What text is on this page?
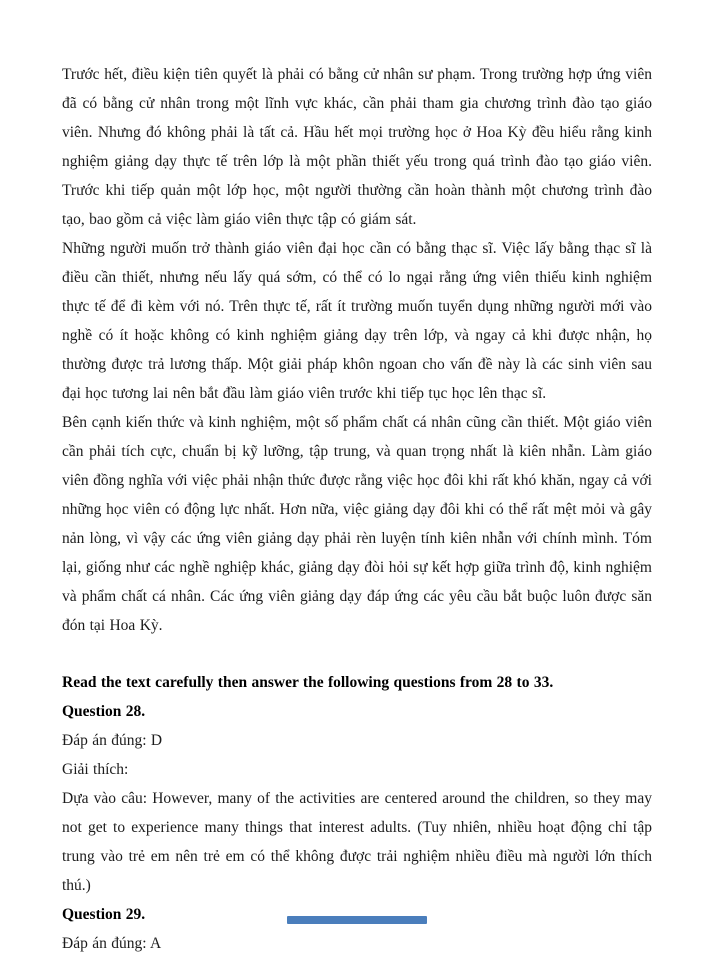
Trước hết, điều kiện tiên quyết là phải có bằng cử nhân sư phạm. Trong trường hợp ứng viên đã có bằng cử nhân trong một lĩnh vực khác, cần phải tham gia chương trình đào tạo giáo viên. Nhưng đó không phải là tất cả. Hầu hết mọi trường học ở Hoa Kỳ đều hiểu rằng kinh nghiệm giảng dạy thực tế trên lớp là một phần thiết yếu trong quá trình đào tạo giáo viên. Trước khi tiếp quản một lớp học, một người thường cần hoàn thành một chương trình đào tạo, bao gồm cả việc làm giáo viên thực tập có giám sát.

Những người muốn trở thành giáo viên đại học cần có bằng thạc sĩ. Việc lấy bằng thạc sĩ là điều cần thiết, nhưng nếu lấy quá sớm, có thể có lo ngại rằng ứng viên thiếu kinh nghiệm thực tế để đi kèm với nó. Trên thực tế, rất ít trường muốn tuyển dụng những người mới vào nghề có ít hoặc không có kinh nghiệm giảng dạy trên lớp, và ngay cả khi được nhận, họ thường được trả lương thấp. Một giải pháp khôn ngoan cho vấn đề này là các sinh viên sau đại học tương lai nên bắt đầu làm giáo viên trước khi tiếp tục học lên thạc sĩ.

Bên cạnh kiến thức và kinh nghiệm, một số phẩm chất cá nhân cũng cần thiết. Một giáo viên cần phải tích cực, chuẩn bị kỹ lưỡng, tập trung, và quan trọng nhất là kiên nhẫn. Làm giáo viên đồng nghĩa với việc phải nhận thức được rằng việc học đôi khi rất khó khăn, ngay cả với những học viên có động lực nhất. Hơn nữa, việc giảng dạy đôi khi có thể rất mệt mỏi và gây nản lòng, vì vậy các ứng viên giảng dạy phải rèn luyện tính kiên nhẫn với chính mình. Tóm lại, giống như các nghề nghiệp khác, giảng dạy đòi hỏi sự kết hợp giữa trình độ, kinh nghiệm và phẩm chất cá nhân. Các ứng viên giảng dạy đáp ứng các yêu cầu bắt buộc luôn được săn đón tại Hoa Kỳ.

Read the text carefully then answer the following questions from 28 to 33.

Question 28.

Đáp án đúng: D

Giải thích:

Dựa vào câu: However, many of the activities are centered around the children, so they may not get to experience many things that interest adults. (Tuy nhiên, nhiều hoạt động chỉ tập trung vào trẻ em nên trẻ em có thể không được trải nghiệm nhiều điều mà người lớn thích thú.)

Question 29.

Đáp án đúng: A
